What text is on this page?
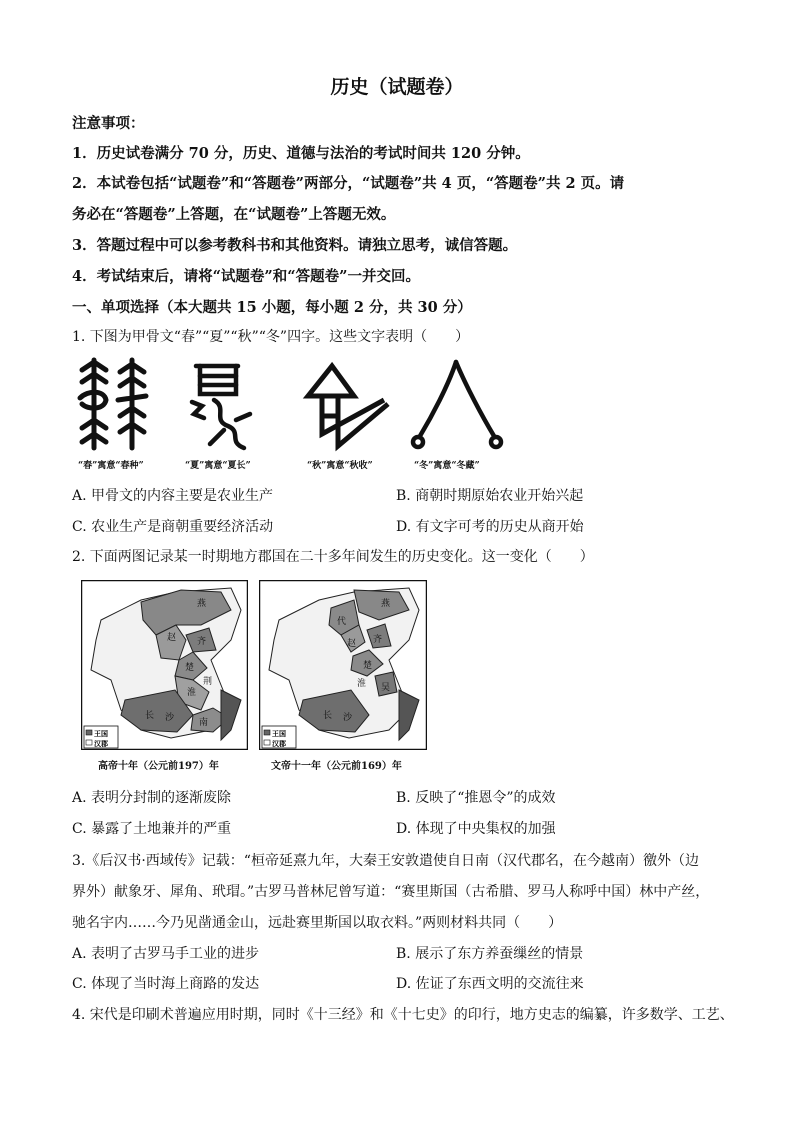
历史（试题卷）
注意事项：
1．历史试卷满分 70 分，历史、道德与法治的考试时间共 120 分钟。
2．本试卷包括“试题卷”和“答题卷”两部分，“试题卷”共 4 页，“答题卷”共 2 页。请
务必在“答题卷”上答题，在“试题卷”上答题无效。
3．答题过程中可以参考教科书和其他资料。请独立思考，诚信答题。
4．考试结束后，请将“试题卷”和“答题卷”一并交回。
一、单项选择（本大题共 15 小题，每小题 2 分，共 30 分）
1. 下图为甲骨文“春”“夏”“秋”“冬”四字。这些文字表明（　　）
“春”寓意“春种”	“夏”寓意“夏长”	“秋”寓意“秋收”	“冬”寓意“冬藏”
A. 甲骨文的内容主要是农业生产	B. 商朝时期原始农业开始兴起
C. 农业生产是商朝重要经济活动	D. 有文字可考的历史从商开始
2. 下面两图记录某一时期地方郡国在二十多年间发生的历史变化。这一变化（　　）
燕
赵 齐
楚
淮
荆
长 沙	南
王国
汉郡
燕
代
赵 齐
楚
淮 吴
长 沙
王国
汉郡
高帝十年（公元前197）年	文帝十一年（公元前169）年
A. 表明分封制的逐渐废除	B. 反映了“推恩令”的成效
C. 暴露了土地兼并的严重	D. 体现了中央集权的加强
3.《后汉书·西域传》记载：“桓帝延熹九年，大秦王安敦遣使自日南（汉代郡名，在今越南）徼外（边
界外）献象牙、犀角、玳瑁。”古罗马普林尼曾写道：“赛里斯国（古希腊、罗马人称呼中国）林中产丝，
驰名宇内……今乃见凿通金山，远赴赛里斯国以取衣料。”两则材料共同（　　）
A. 表明了古罗马手工业的进步	B. 展示了东方养蚕缫丝的情景
C. 体现了当时海上商路的发达	D. 佐证了东西文明的交流往来
4. 宋代是印刷术普遍应用时期，同时《十三经》和《十七史》的印行，地方史志的编纂，许多数学、工艺、
